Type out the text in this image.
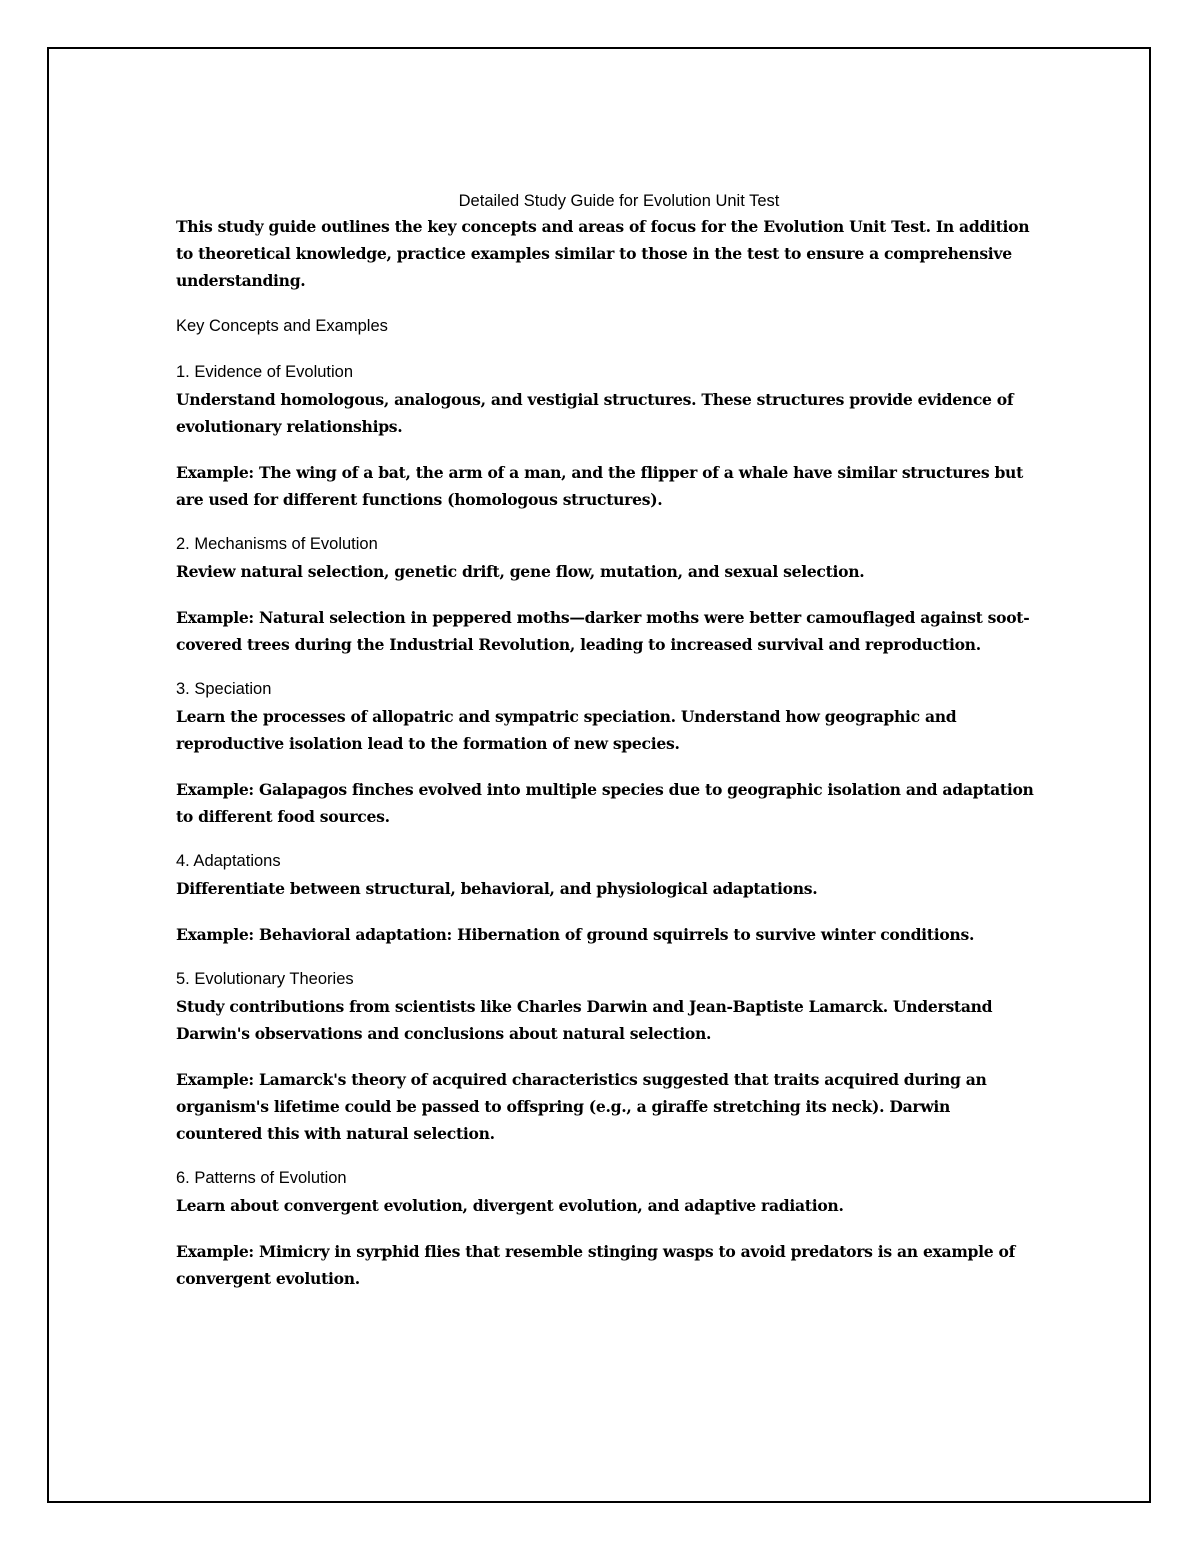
Detailed Study Guide for Evolution Unit Test

This study guide outlines the key concepts and areas of focus for the Evolution Unit Test. In addition to theoretical knowledge, practice examples similar to those in the test to ensure a comprehensive understanding.

Key Concepts and Examples

1. Evidence of Evolution

Understand homologous, analogous, and vestigial structures. These structures provide evidence of evolutionary relationships.

Example: The wing of a bat, the arm of a man, and the flipper of a whale have similar structures but are used for different functions (homologous structures).

2. Mechanisms of Evolution

Review natural selection, genetic drift, gene flow, mutation, and sexual selection.

Example: Natural selection in peppered moths—darker moths were better camouflaged against soot-covered trees during the Industrial Revolution, leading to increased survival and reproduction.

3. Speciation

Learn the processes of allopatric and sympatric speciation. Understand how geographic and reproductive isolation lead to the formation of new species.

Example: Galapagos finches evolved into multiple species due to geographic isolation and adaptation to different food sources.

4. Adaptations

Differentiate between structural, behavioral, and physiological adaptations.

Example: Behavioral adaptation: Hibernation of ground squirrels to survive winter conditions.

5. Evolutionary Theories

Study contributions from scientists like Charles Darwin and Jean-Baptiste Lamarck. Understand Darwin's observations and conclusions about natural selection.

Example: Lamarck's theory of acquired characteristics suggested that traits acquired during an organism's lifetime could be passed to offspring (e.g., a giraffe stretching its neck). Darwin countered this with natural selection.

6. Patterns of Evolution

Learn about convergent evolution, divergent evolution, and adaptive radiation.

Example: Mimicry in syrphid flies that resemble stinging wasps to avoid predators is an example of convergent evolution.
